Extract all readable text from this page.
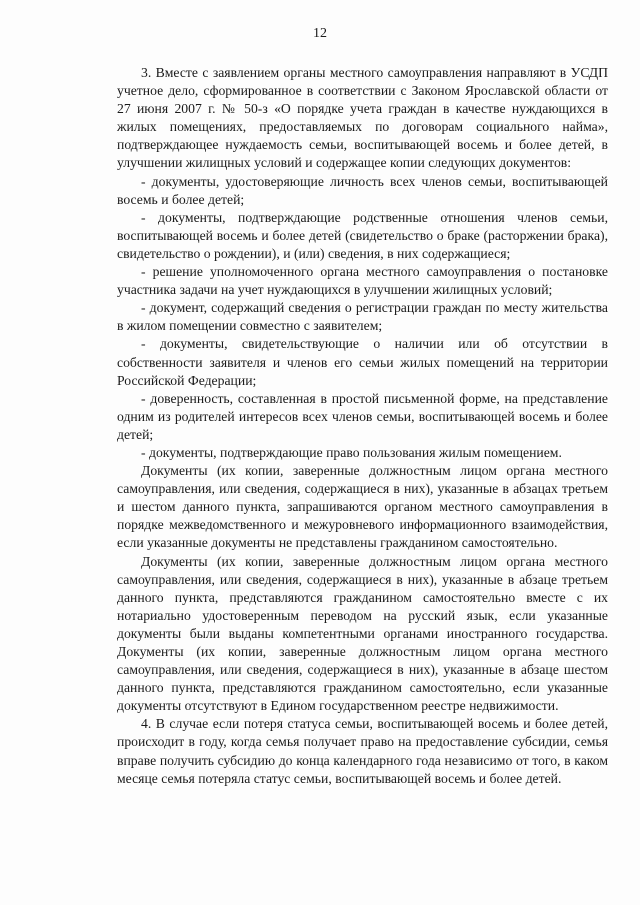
12

3. Вместе с заявлением органы местного самоуправления направляют в УСДП учетное дело, сформированное в соответствии с Законом Ярославской области от 27 июня 2007 г. № 50-з «О порядке учета граждан в качестве нуждающихся в жилых помещениях, предоставляемых по договорам социального найма», подтверждающее нуждаемость семьи, воспитывающей восемь и более детей, в улучшении жилищных условий и содержащее копии следующих документов:

- документы, удостоверяющие личность всех членов семьи, воспитывающей восемь и более детей;

- документы, подтверждающие родственные отношения членов семьи, воспитывающей восемь и более детей (свидетельство о браке (расторжении брака), свидетельство о рождении), и (или) сведения, в них содержащиеся;

- решение уполномоченного органа местного самоуправления о постановке участника задачи на учет нуждающихся в улучшении жилищных условий;

- документ, содержащий сведения о регистрации граждан по месту жительства в жилом помещении совместно с заявителем;

- документы, свидетельствующие о наличии или об отсутствии в собственности заявителя и членов его семьи жилых помещений на территории Российской Федерации;

- доверенность, составленная в простой письменной форме, на представление одним из родителей интересов всех членов семьи, воспитывающей восемь и более детей;

- документы, подтверждающие право пользования жилым помещением.

Документы (их копии, заверенные должностным лицом органа местного самоуправления, или сведения, содержащиеся в них), указанные в абзацах третьем и шестом данного пункта, запрашиваются органом местного самоуправления в порядке межведомственного и межуровневого информационного взаимодействия, если указанные документы не представлены гражданином самостоятельно.

Документы (их копии, заверенные должностным лицом органа местного самоуправления, или сведения, содержащиеся в них), указанные в абзаце третьем данного пункта, представляются гражданином самостоятельно вместе с их нотариально удостоверенным переводом на русский язык, если указанные документы были выданы компетентными органами иностранного государства. Документы (их копии, заверенные должностным лицом органа местного самоуправления, или сведения, содержащиеся в них), указанные в абзаце шестом данного пункта, представляются гражданином самостоятельно, если указанные документы отсутствуют в Едином государственном реестре недвижимости.

4. В случае если потеря статуса семьи, воспитывающей восемь и более детей, происходит в году, когда семья получает право на предоставление субсидии, семья вправе получить субсидию до конца календарного года независимо от того, в каком месяце семья потеряла статус семьи, воспитывающей восемь и более детей.
